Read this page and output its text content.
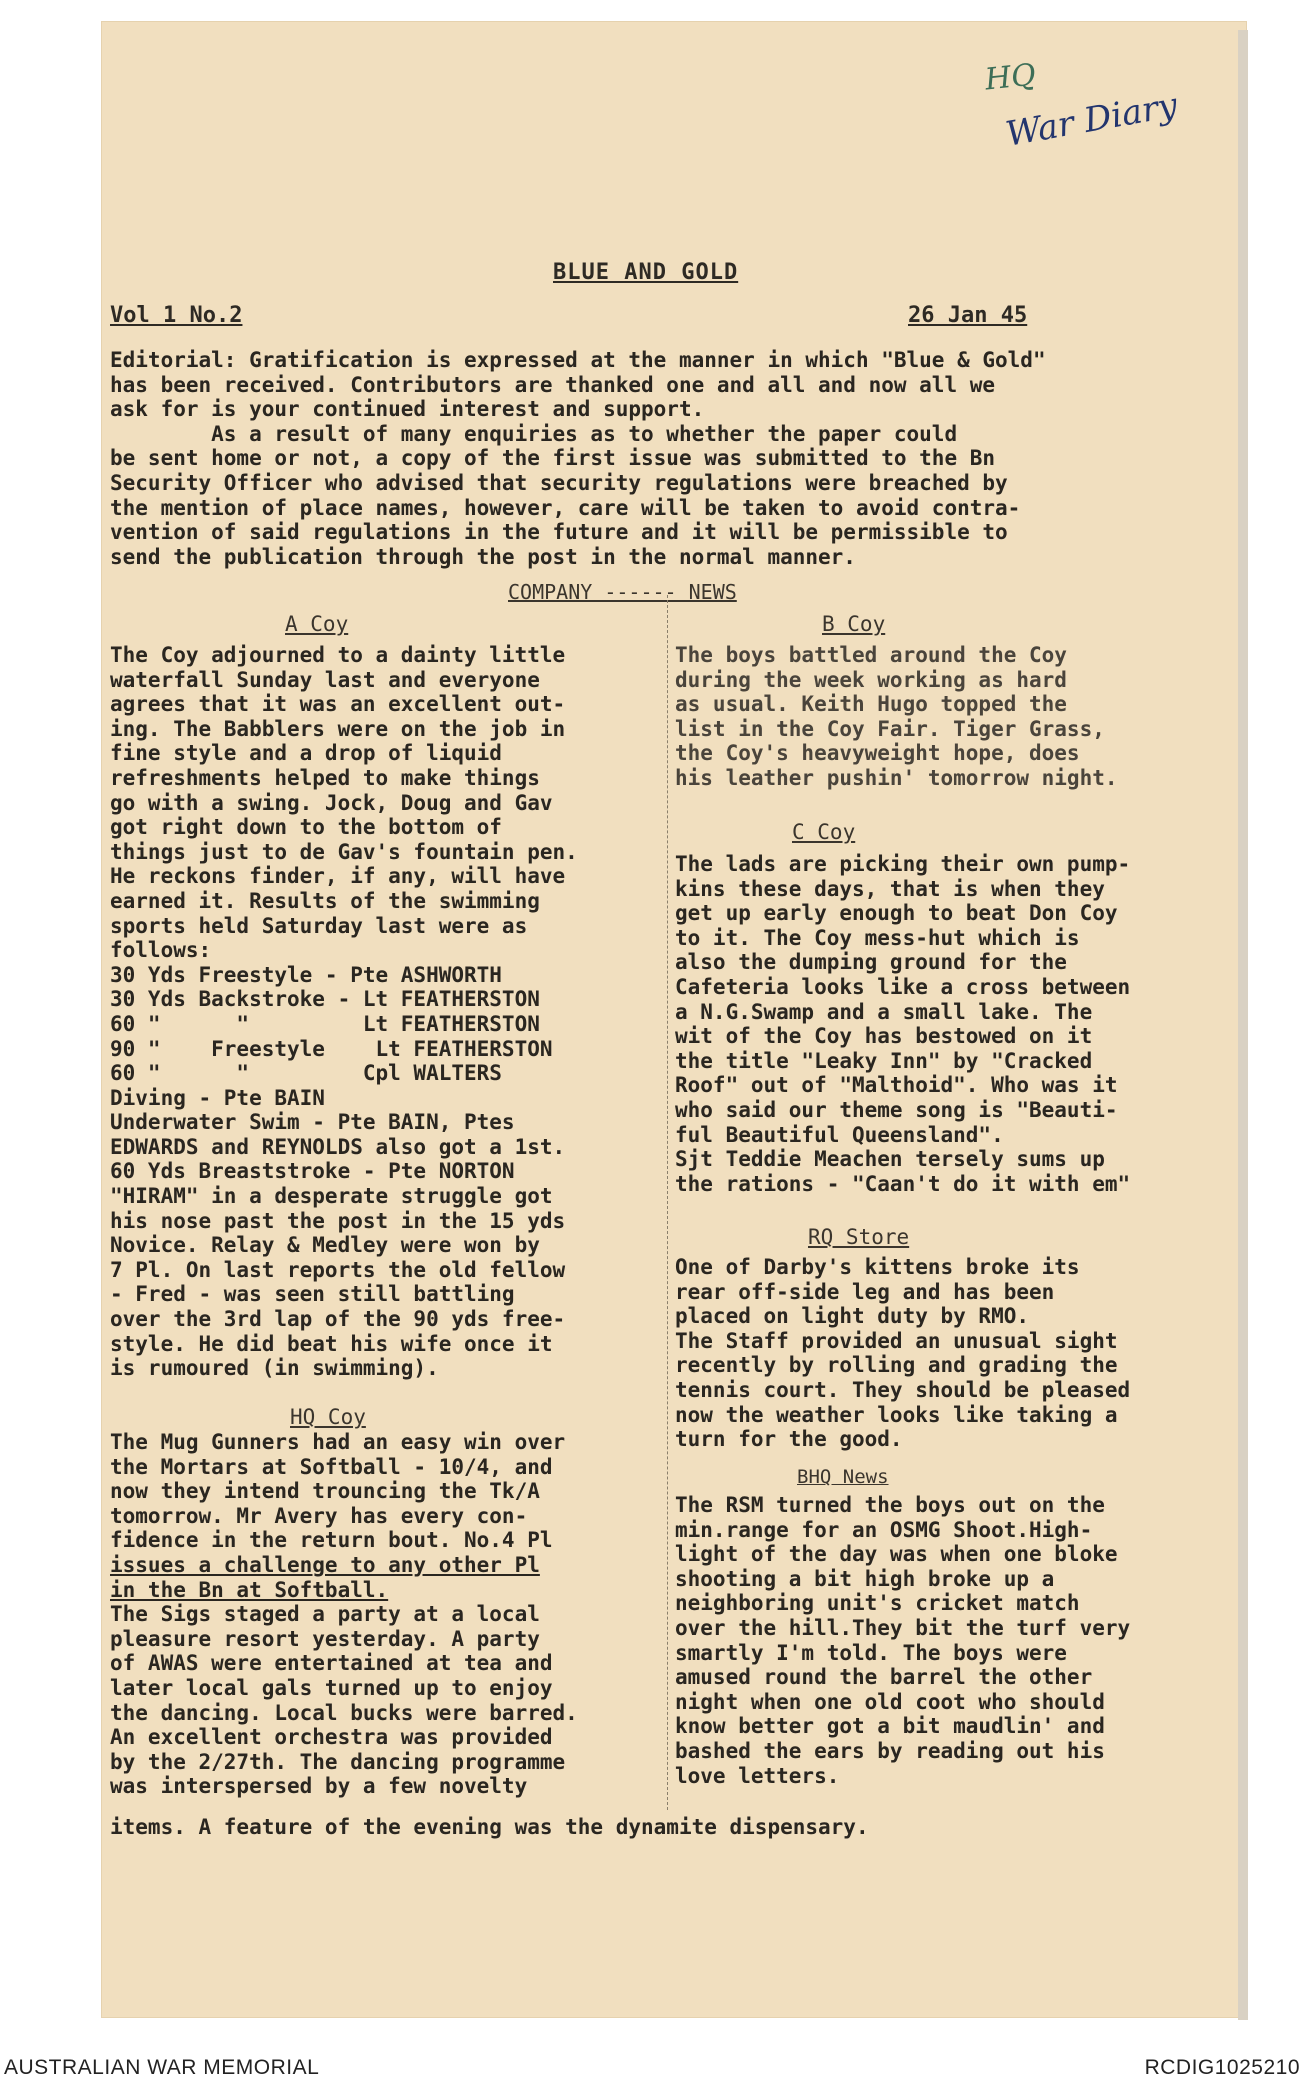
HQ
War Diary
BLUE AND GOLD
Vol 1 No.2	26 Jan 45
Editorial: Gratification is expressed at the manner in which "Blue & Gold"
has been received. Contributors are thanked one and all and now all we
ask for is your continued interest and support.
As a result of many enquiries as to whether the paper could
be sent home or not, a copy of the first issue was submitted to the Bn
Security Officer who advised that security regulations were breached by
the mention of place names, however, care will be taken to avoid contra-
vention of said regulations in the future and it will be permissible to
send the publication through the post in the normal manner.
COMPANY ------ NEWS
A Coy
The Coy adjourned to a dainty little
waterfall Sunday last and everyone
agrees that it was an excellent out-
ing. The Babblers were on the job in
fine style and a drop of liquid
refreshments helped to make things
go with a swing. Jock, Doug and Gav
got right down to the bottom of
things just to de Gav's fountain pen.
He reckons finder, if any, will have
earned it. Results of the swimming
sports held Saturday last were as
follows:
30 Yds Freestyle - Pte ASHWORTH
30 Yds Backstroke - Lt FEATHERSTON
60 "      "         Lt FEATHERSTON
90 "    Freestyle    Lt FEATHERSTON
60 "      "         Cpl WALTERS
Diving - Pte BAIN
Underwater Swim - Pte BAIN, Ptes
EDWARDS and REYNOLDS also got a 1st.
60 Yds Breaststroke - Pte NORTON
"HIRAM" in a desperate struggle got
his nose past the post in the 15 yds
Novice. Relay & Medley were won by
7 Pl. On last reports the old fellow
- Fred - was seen still battling
over the 3rd lap of the 90 yds free-
style. He did beat his wife once it
is rumoured (in swimming).
HQ Coy
The Mug Gunners had an easy win over
the Mortars at Softball - 10/4, and
now they intend trouncing the Tk/A
tomorrow. Mr Avery has every con-
fidence in the return bout. No.4 Pl
issues a challenge to any other Pl
in the Bn at Softball.
The Sigs staged a party at a local
pleasure resort yesterday. A party
of AWAS were entertained at tea and
later local gals turned up to enjoy
the dancing. Local bucks were barred.
An excellent orchestra was provided
by the 2/27th. The dancing programme
was interspersed by a few novelty
items. A feature of the evening was the dynamite dispensary.
B Coy
The boys battled around the Coy
during the week working as hard
as usual. Keith Hugo topped the
list in the Coy Fair. Tiger Grass,
the Coy's heavyweight hope, does
his leather pushin' tomorrow night.
C Coy
The lads are picking their own pump-
kins these days, that is when they
get up early enough to beat Don Coy
to it. The Coy mess-hut which is
also the dumping ground for the
Cafeteria looks like a cross between
a N.G.Swamp and a small lake. The
wit of the Coy has bestowed on it
the title "Leaky Inn" by "Cracked
Roof" out of "Malthoid". Who was it
who said our theme song is "Beauti-
ful Beautiful Queensland".
Sjt Teddie Meachen tersely sums up
the rations - "Caan't do it with em"
RQ Store
One of Darby's kittens broke its
rear off-side leg and has been
placed on light duty by RMO.
The Staff provided an unusual sight
recently by rolling and grading the
tennis court. They should be pleased
now the weather looks like taking a
turn for the good.
BHQ News
The RSM turned the boys out on the
min.range for an OSMG Shoot.High-
light of the day was when one bloke
shooting a bit high broke up a
neighboring unit's cricket match
over the hill.They bit the turf very
smartly I'm told. The boys were
amused round the barrel the other
night when one old coot who should
know better got a bit maudlin' and
bashed the ears by reading out his
love letters.
AUSTRALIAN WAR MEMORIAL	RCDIG1025210
